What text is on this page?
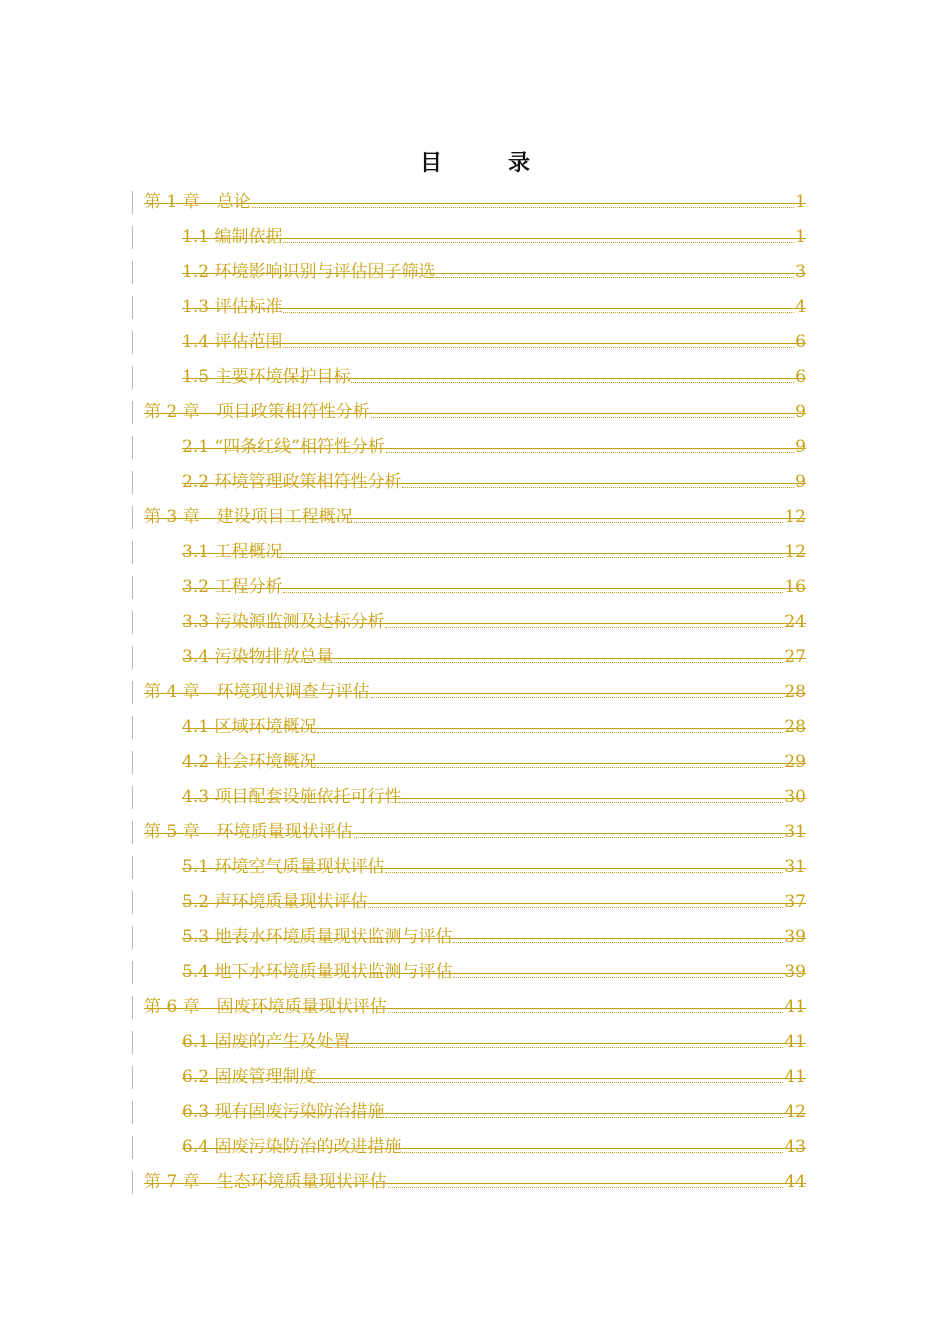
目　录
第 1 章　总论	1
1.1 编制依据	1
1.2 环境影响识别与评估因子筛选	3
1.3 评估标准	4
1.4 评估范围	6
1.5 主要环境保护目标	6
第 2 章　项目政策相符性分析	9
2.1 “四条红线”相符性分析	9
2.2 环境管理政策相符性分析	9
第 3 章　建设项目工程概况	12
3.1 工程概况	12
3.2 工程分析	16
3.3 污染源监测及达标分析	24
3.4 污染物排放总量	27
第 4 章　环境现状调查与评估	28
4.1 区域环境概况	28
4.2 社会环境概况	29
4.3 项目配套设施依托可行性	30
第 5 章　环境质量现状评估	31
5.1 环境空气质量现状评估	31
5.2 声环境质量现状评估	37
5.3 地表水环境质量现状监测与评估	39
5.4 地下水环境质量现状监测与评估	39
第 6 章　固废环境质量现状评估	41
6.1 固废的产生及处置	41
6.2 固废管理制度	41
6.3 现有固废污染防治措施	42
6.4 固废污染防治的改进措施	43
第 7 章　生态环境质量现状评估	44
